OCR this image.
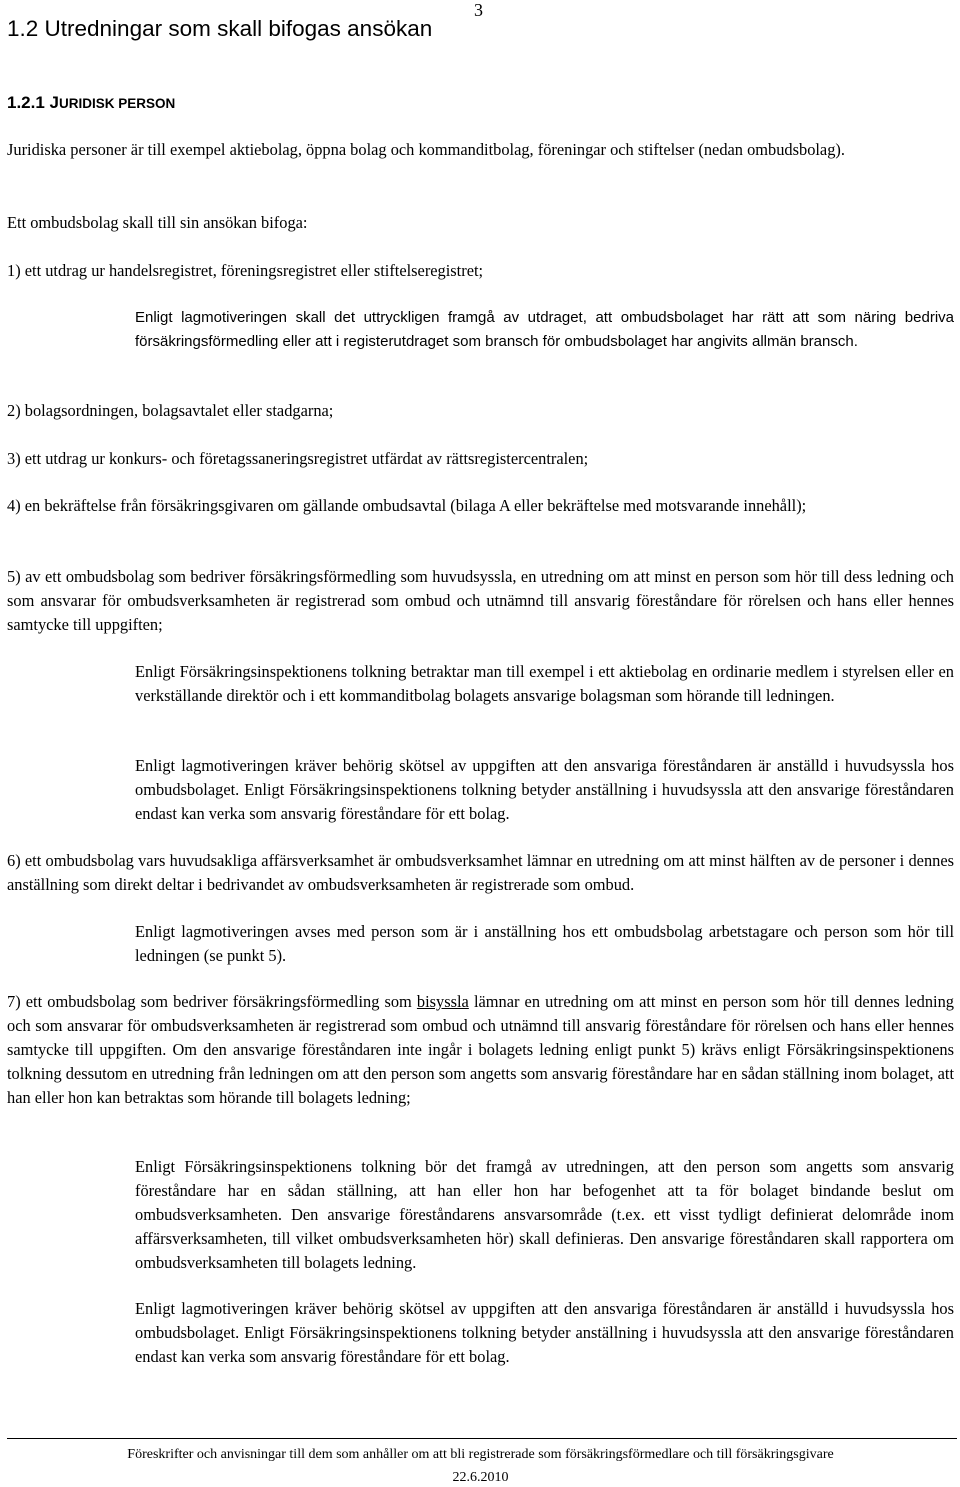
3
1.2 Utredningar som skall bifogas ansökan
1.2.1 JURIDISK PERSON
Juridiska personer är till exempel aktiebolag, öppna bolag och kommanditbolag, föreningar och stiftelser (nedan ombudsbolag).
Ett ombudsbolag skall till sin ansökan bifoga:
1) ett utdrag ur handelsregistret, föreningsregistret eller stiftelseregistret;
Enligt lagmotiveringen skall det uttryckligen framgå av utdraget, att ombudsbolaget har rätt att som näring bedriva försäkringsförmedling eller att i registerutdraget som bransch för ombudsbolaget har angivits allmän bransch.
2) bolagsordningen, bolagsavtalet eller stadgarna;
3) ett utdrag ur konkurs- och företagssaneringsregistret utfärdat av rättsregistercentralen;
4) en bekräftelse från försäkringsgivaren om gällande ombudsavtal (bilaga A eller bekräftelse med motsvarande innehåll);
5) av ett ombudsbolag som bedriver försäkringsförmedling som huvudsyssla, en utredning om att minst en person som hör till dess ledning och som ansvarar för ombudsverksamheten är registrerad som ombud och utnämnd till ansvarig föreståndare för rörelsen och hans eller hennes samtycke till uppgiften;
Enligt Försäkringsinspektionens tolkning betraktar man till exempel i ett aktiebolag en ordinarie medlem i styrelsen eller en verkställande direktör och i ett kommanditbolag bolagets ansvarige bolagsman som hörande till ledningen.
Enligt lagmotiveringen kräver behörig skötsel av uppgiften att den ansvariga föreståndaren är anställd i huvudsyssla hos ombudsbolaget. Enligt Försäkringsinspektionens tolkning betyder anställning i huvudsyssla att den ansvarige föreståndaren endast kan verka som ansvarig föreståndare för ett bolag.
6) ett ombudsbolag vars huvudsakliga affärsverksamhet är ombudsverksamhet lämnar en utredning om att minst hälften av de personer i dennes anställning som direkt deltar i bedrivandet av ombudsverksamheten är registrerade som ombud.
Enligt lagmotiveringen avses med person som är i anställning hos ett ombudsbolag arbetstagare och person som hör till ledningen (se punkt 5).
7) ett ombudsbolag som bedriver försäkringsförmedling som bisyssla lämnar en utredning om att minst en person som hör till dennes ledning och som ansvarar för ombudsverksamheten är registrerad som ombud och utnämnd till ansvarig föreståndare för rörelsen och hans eller hennes samtycke till uppgiften. Om den ansvarige föreståndaren inte ingår i bolagets ledning enligt punkt 5) krävs enligt Försäkringsinspektionens tolkning dessutom en utredning från ledningen om att den person som angetts som ansvarig föreståndare har en sådan ställning inom bolaget, att han eller hon kan betraktas som hörande till bolagets ledning;
Enligt Försäkringsinspektionens tolkning bör det framgå av utredningen, att den person som angetts som ansvarig föreståndare har en sådan ställning, att han eller hon har befogenhet att ta för bolaget bindande beslut om ombudsverksamheten. Den ansvarige föreståndarens ansvarsområde (t.ex. ett visst tydligt definierat delområde inom affärsverksamheten, till vilket ombudsverksamheten hör) skall definieras. Den ansvarige föreståndaren skall rapportera om ombudsverksamheten till bolagets ledning.
Enligt lagmotiveringen kräver behörig skötsel av uppgiften att den ansvariga föreståndaren är anställd i huvudsyssla hos ombudsbolaget. Enligt Försäkringsinspektionens tolkning betyder anställning i huvudsyssla att den ansvarige föreståndaren endast kan verka som ansvarig föreståndare för ett bolag.
Föreskrifter och anvisningar till dem som anhåller om att bli registrerade som försäkringsförmedlare och till försäkringsgivare
22.6.2010
